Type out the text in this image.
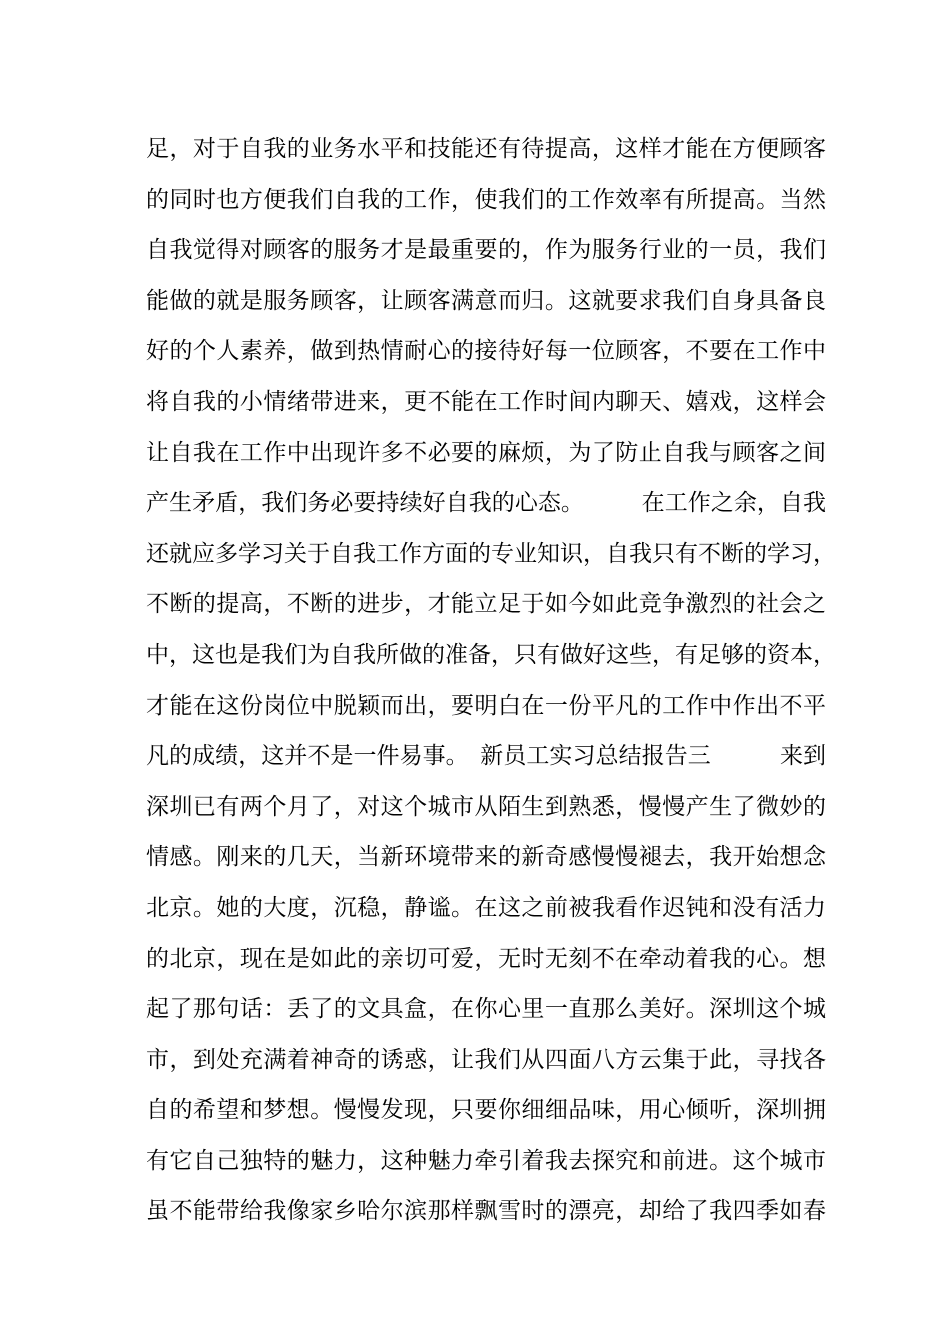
足，对于自我的业务水平和技能还有待提高，这样才能在方便顾客
的同时也方便我们自我的工作，使我们的工作效率有所提高。当然
自我觉得对顾客的服务才是最重要的，作为服务行业的一员，我们
能做的就是服务顾客，让顾客满意而归。这就要求我们自身具备良
好的个人素养，做到热情耐心的接待好每一位顾客，不要在工作中
将自我的小情绪带进来，更不能在工作时间内聊天、嬉戏，这样会
让自我在工作中出现许多不必要的麻烦，为了防止自我与顾客之间
产生矛盾，我们务必要持续好自我的心态。　　　在工作之余，自我
还就应多学习关于自我工作方面的专业知识，自我只有不断的学习，
不断的提高，不断的进步，才能立足于如今如此竞争激烈的社会之
中，这也是我们为自我所做的准备，只有做好这些，有足够的资本，
才能在这份岗位中脱颖而出，要明白在一份平凡的工作中作出不平
凡的成绩，这并不是一件易事。　新员工实习总结报告三　　　来到
深圳已有两个月了，对这个城市从陌生到熟悉，慢慢产生了微妙的
情感。刚来的几天，当新环境带来的新奇感慢慢褪去，我开始想念
北京。她的大度，沉稳，静谧。在这之前被我看作迟钝和没有活力
的北京，现在是如此的亲切可爱，无时无刻不在牵动着我的心。想
起了那句话：丢了的文具盒，在你心里一直那么美好。深圳这个城
市，到处充满着神奇的诱惑，让我们从四面八方云集于此，寻找各
自的希望和梦想。慢慢发现，只要你细细品味，用心倾听，深圳拥
有它自己独特的魅力，这种魅力牵引着我去探究和前进。这个城市
虽不能带给我像家乡哈尔滨那样飘雪时的漂亮，却给了我四季如春
